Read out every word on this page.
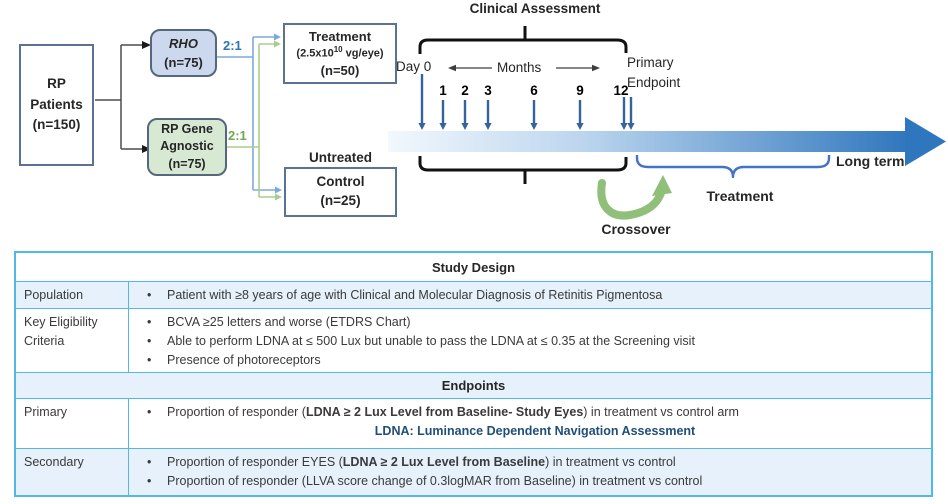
RP
Patients
(n=150)
RHO
(n=75)
RP Gene
Agnostic
(n=75)
2:1
2:1
Treatment
($2.5x10^{10}$ vg/eye)
(n=50)
Untreated
Control
(n=25)
Clinical Assessment
Day 0	Months
1	2	3	6	9	12
Primary Endpoint
Long term
Treatment
Crossover
Study Design
Population	•	Patient with ≥8 years of age with Clinical and Molecular Diagnosis of Retinitis Pigmentosa
Key Eligibility Criteria
•	BCVA ≥25 letters and worse (ETDRS Chart)
•	Able to perform LDNA at ≤ 500 Lux but unable to pass the LDNA at ≤ 0.35 at the Screening visit
•	Presence of photoreceptors
Endpoints
Primary	•	Proportion of responder (LDNA ≥ 2 Lux Level from Baseline- Study Eyes) in treatment vs control arm
LDNA: Luminance Dependent Navigation Assessment
Secondary	•	Proportion of responder EYES (LDNA ≥ 2 Lux Level from Baseline) in treatment vs control
•	Proportion of responder (LLVA score change of 0.3logMAR from Baseline) in treatment vs control
